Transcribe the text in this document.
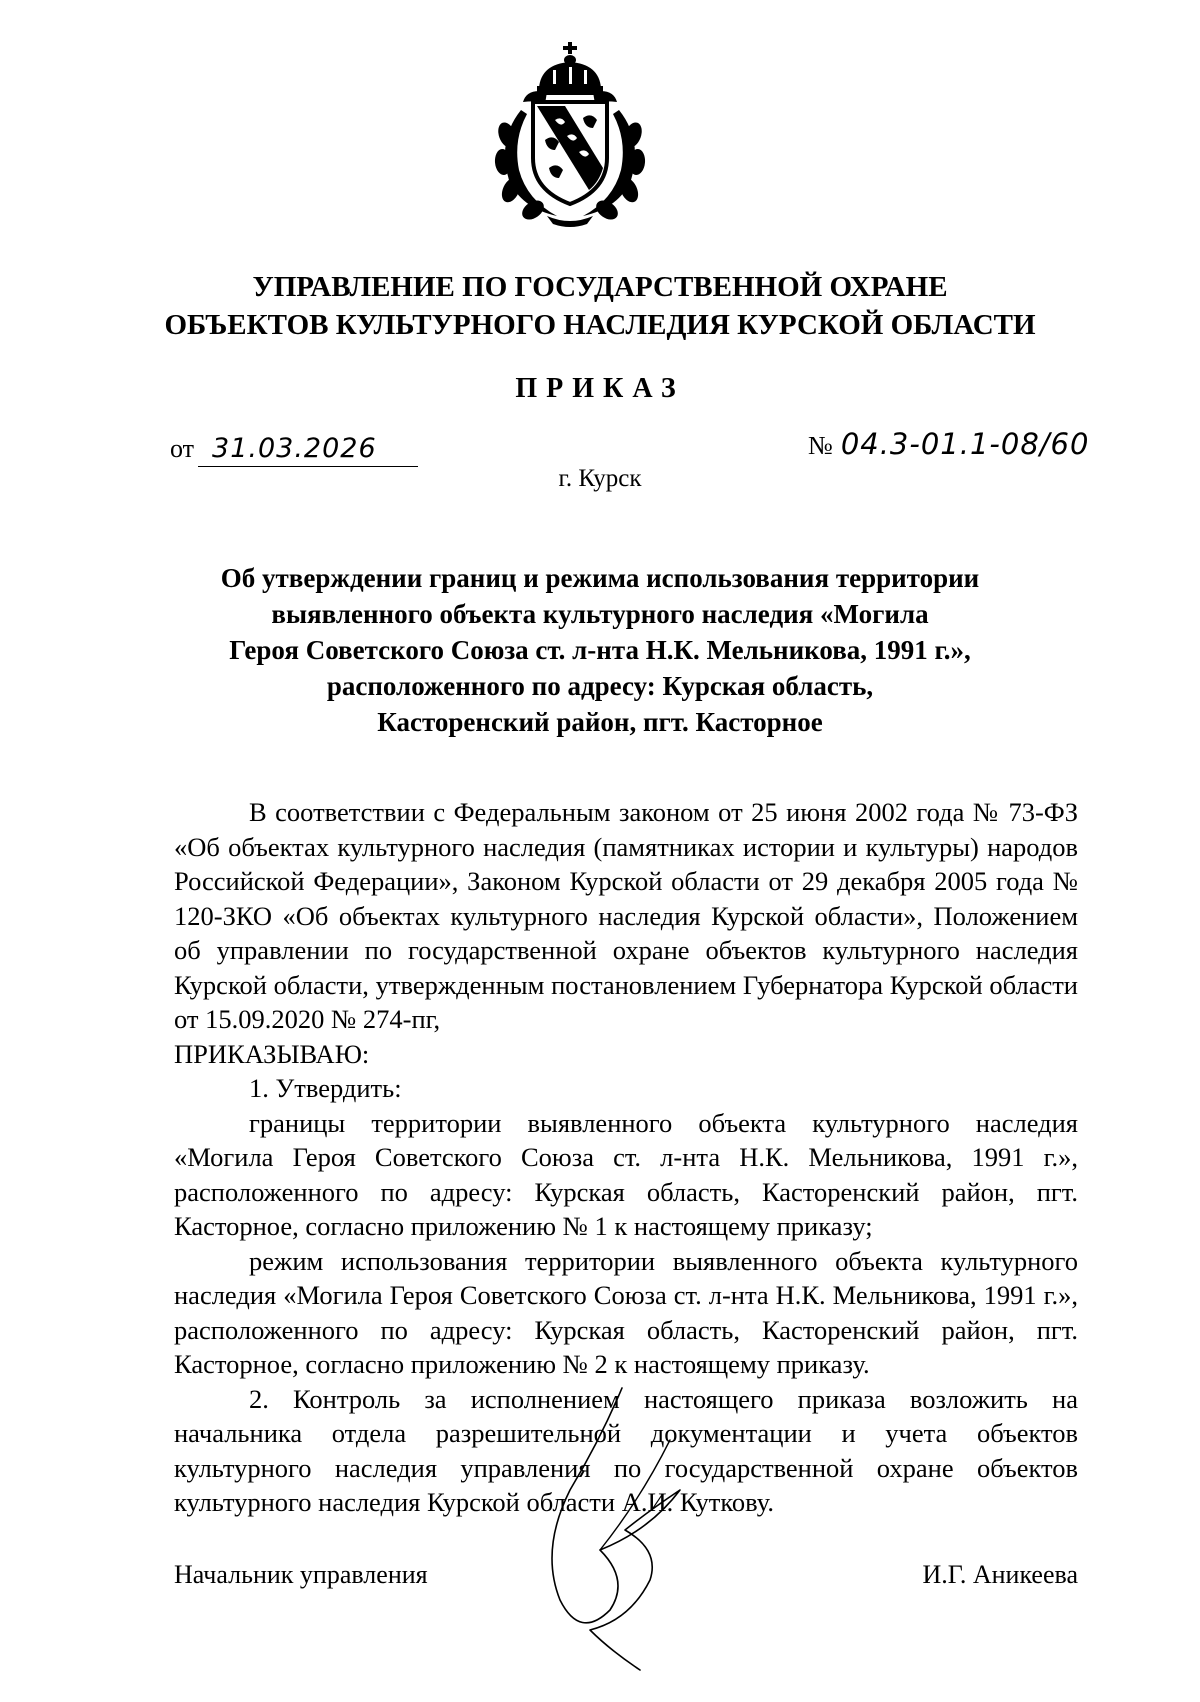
УПРАВЛЕНИЕ ПО ГОСУДАРСТВЕННОЙ ОХРАНЕ
ОБЪЕКТОВ КУЛЬТУРНОГО НАСЛЕДИЯ КУРСКОЙ ОБЛАСТИ
ПРИКАЗ
от 31.03.2026	№ 04.3-01.1-08/60
г. Курск
Об утверждении границ и режима использования территории
выявленного объекта культурного наследия «Могила
Героя Советского Союза ст. л-нта Н.К. Мельникова, 1991 г.»,
расположенного по адресу: Курская область,
Касторенский район, пгт. Касторное

В соответствии с Федеральным законом от 25 июня 2002 года № 73-ФЗ «Об объектах культурного наследия (памятниках истории и культуры) народов Российской Федерации», Законом Курской области от 29 декабря 2005 года № 120-ЗКО «Об объектах культурного наследия Курской области», Положением об управлении по государственной охране объектов культурного наследия Курской области, утвержденным постановлением Губернатора Курской области от 15.09.2020 № 274-пг,

ПРИКАЗЫВАЮ:

1. Утвердить:

границы территории выявленного объекта культурного наследия «Могила Героя Советского Союза ст. л-нта Н.К. Мельникова, 1991 г.», расположенного по адресу: Курская область, Касторенский район, пгт. Касторное, согласно приложению № 1 к настоящему приказу;

режим использования территории выявленного объекта культурного наследия «Могила Героя Советского Союза ст. л-нта Н.К. Мельникова, 1991 г.», расположенного по адресу: Курская область, Касторенский район, пгт. Касторное, согласно приложению № 2 к настоящему приказу.

2. Контроль за исполнением настоящего приказа возложить на начальника отдела разрешительной документации и учета объектов культурного наследия управления по государственной охране объектов культурного наследия Курской области А.И. Куткову.

Начальник управления	И.Г. Аникеева
